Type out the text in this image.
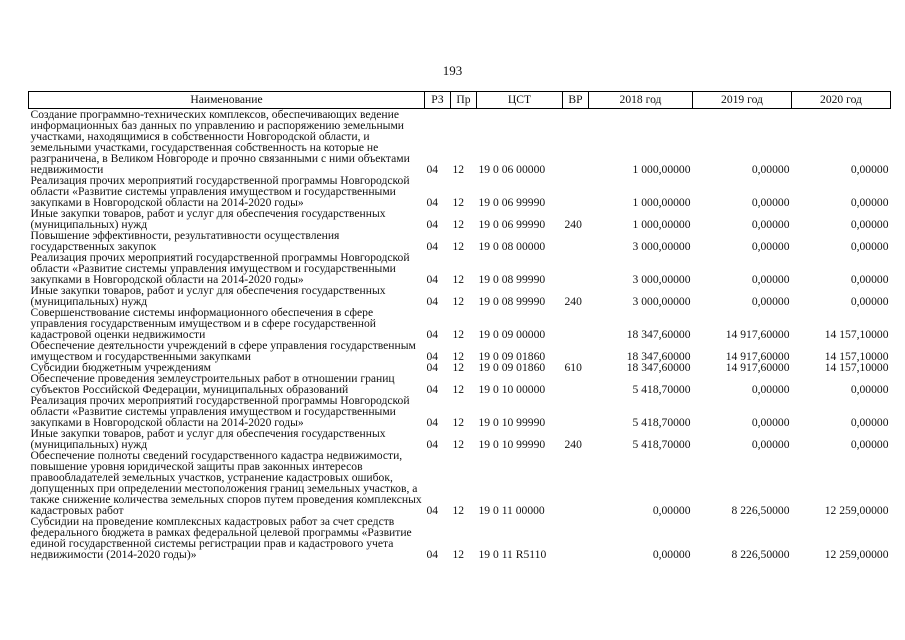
193
Наименование	РЗ	Пр	ЦСТ	ВР	2018 год	2019 год	2020 год
Создание программно-технических комплексов, обеспечивающих ведение информационных баз данных по управлению и распоряжению земельными участками, находящимися в собственности Новгородской области, и земельными участками, государственная собственность на которые не разграничена, в Великом Новгороде и прочно связанными с ними объектами недвижимости	04	12	19 0 06 00000		1 000,00000	0,00000	0,00000
Реализация прочих мероприятий государственной программы Новгородской области «Развитие системы управления имуществом и государственными закупками в Новгородской области на 2014-2020 годы»	04	12	19 0 06 99990		1 000,00000	0,00000	0,00000
Иные закупки товаров, работ и услуг для обеспечения государственных (муниципальных) нужд	04	12	19 0 06 99990	240	1 000,00000	0,00000	0,00000
Повышение эффективности, результативности осуществления государственных закупок	04	12	19 0 08 00000		3 000,00000	0,00000	0,00000
Реализация прочих мероприятий государственной программы Новгородской области «Развитие системы управления имуществом и государственными закупками в Новгородской области на 2014-2020 годы»	04	12	19 0 08 99990		3 000,00000	0,00000	0,00000
Иные закупки товаров, работ и услуг для обеспечения государственных (муниципальных) нужд	04	12	19 0 08 99990	240	3 000,00000	0,00000	0,00000
Совершенствование системы информационного обеспечения в сфере управления государственным имуществом и в сфере государственной кадастровой оценки недвижимости	04	12	19 0 09 00000		18 347,60000	14 917,60000	14 157,10000
Обеспечение деятельности учреждений в сфере управления государственным имуществом и государственными закупками	04	12	19 0 09 01860		18 347,60000	14 917,60000	14 157,10000
Субсидии бюджетным учреждениям	04	12	19 0 09 01860	610	18 347,60000	14 917,60000	14 157,10000
Обеспечение проведения землеустроительных работ в отношении границ субъектов Российской Федерации, муниципальных образований	04	12	19 0 10 00000		5 418,70000	0,00000	0,00000
Реализация прочих мероприятий государственной программы Новгородской области «Развитие системы управления имуществом и государственными закупками в Новгородской области на 2014-2020 годы»	04	12	19 0 10 99990		5 418,70000	0,00000	0,00000
Иные закупки товаров, работ и услуг для обеспечения государственных (муниципальных) нужд	04	12	19 0 10 99990	240	5 418,70000	0,00000	0,00000
Обеспечение полноты сведений государственного кадастра недвижимости, повышение уровня юридической защиты прав законных интересов правообладателей земельных участков, устранение кадастровых ошибок, допущенных при определении местоположения границ земельных участков, а также снижение количества земельных споров путем проведения комплексных кадастровых работ	04	12	19 0 11 00000		0,00000	8 226,50000	12 259,00000
Субсидии на проведение комплексных кадастровых работ за счет средств федерального бюджета в рамках федеральной целевой программы «Развитие единой государственной системы регистрации прав и кадастрового учета недвижимости (2014-2020 годы)»	04	12	19 0 11 R5110		0,00000	8 226,50000	12 259,00000
